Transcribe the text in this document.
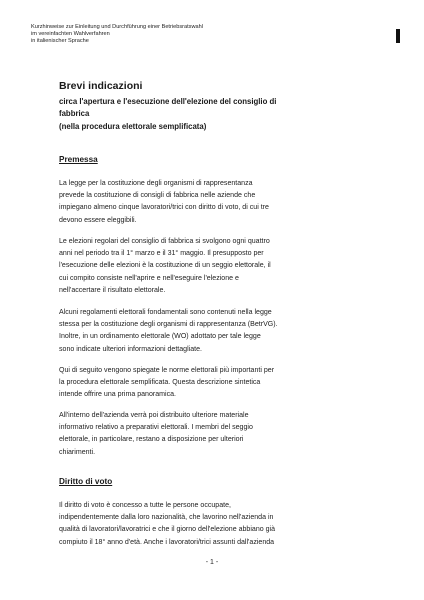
Kurzhinweise zur Einleitung und Durchführung einer Betriebsratswahl
im vereinfachten Wahlverfahren
in italienischer Sprache
Brevi indicazioni
circa l'apertura e l'esecuzione dell'elezione del consiglio di
fabbrica
(nella procedura elettorale semplificata)
Premessa
La legge per la costituzione degli organismi di rappresentanza
prevede la costituzione di consigli di fabbrica nelle aziende che
impiegano almeno cinque lavoratori/trici con diritto di voto, di cui tre
devono essere eleggibili.
Le elezioni regolari del consiglio di fabbrica si svolgono ogni quattro
anni nel periodo tra il 1° marzo e il 31° maggio. Il presupposto per
l'esecuzione delle elezioni è la costituzione di un seggio elettorale, il
cui compito consiste nell'aprire e nell'eseguire l'elezione e
nell'accertare il risultato elettorale.
Alcuni regolamenti elettorali fondamentali sono contenuti nella legge
stessa per la costituzione degli organismi di rappresentanza (BetrVG).
Inoltre, in un ordinamento elettorale (WO) adottato per tale legge
sono indicate ulteriori informazioni dettagliate.
Qui di seguito vengono spiegate le norme elettorali più importanti per
la procedura elettorale semplificata. Questa descrizione sintetica
intende offrire una prima panoramica.
All'interno dell'azienda verrà poi distribuito ulteriore materiale
informativo relativo a preparativi elettorali. I membri del seggio
elettorale, in particolare, restano a disposizione per ulteriori
chiarimenti.
Diritto di voto
Il diritto di voto è concesso a tutte le persone occupate,
indipendentemente dalla loro nazionalità, che lavorino nell'azienda in
qualità di lavoratori/lavoratrici e che il giorno dell'elezione abbiano già
compiuto il 18° anno d'età. Anche i lavoratori/trici assunti dall'azienda
- 1 -
